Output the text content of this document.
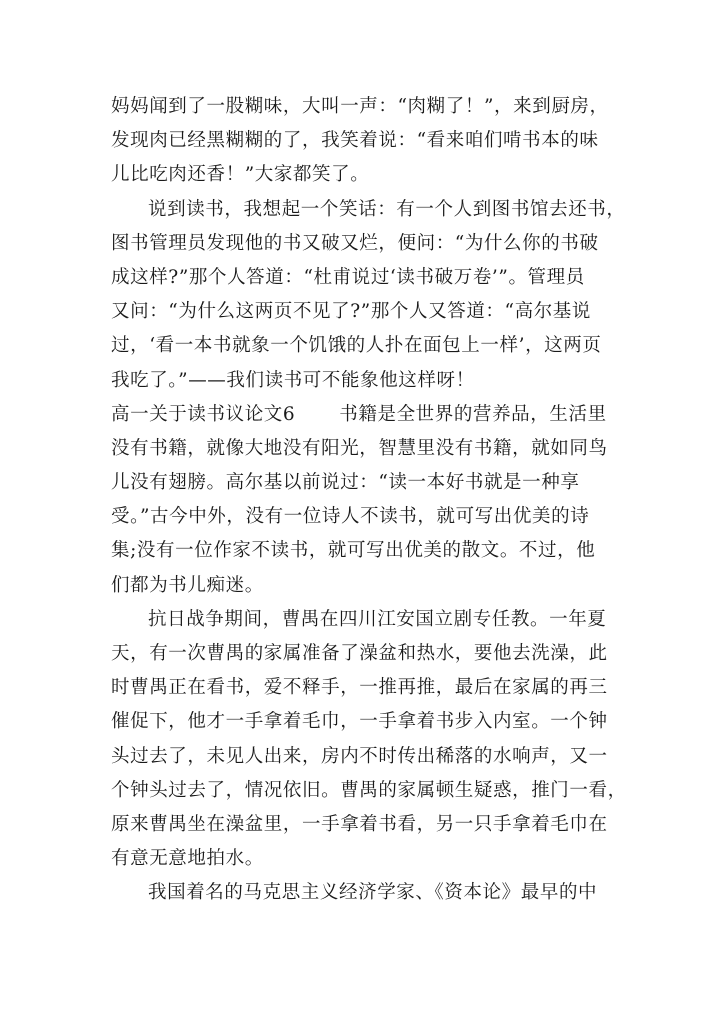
妈妈闻到了一股糊味，大叫一声：“肉糊了！”，来到厨房，
发现肉已经黑糊糊的了，我笑着说：“看来咱们啃书本的味
儿比吃肉还香！”大家都笑了。
说到读书，我想起一个笑话：有一个人到图书馆去还书，
图书管理员发现他的书又破又烂，便问：“为什么你的书破
成这样?”那个人答道：“杜甫说过‘读书破万卷’”。管理员
又问：“为什么这两页不见了?”那个人又答道：“高尔基说
过，‘看一本书就象一个饥饿的人扑在面包上一样’，这两页
我吃了。”——我们读书可不能象他这样呀！
高一关于读书议论文6 书籍是全世界的营养品，生活里
没有书籍，就像大地没有阳光，智慧里没有书籍，就如同鸟
儿没有翅膀。高尔基以前说过：“读一本好书就是一种享
受。”古今中外，没有一位诗人不读书，就可写出优美的诗
集;没有一位作家不读书，就可写出优美的散文。不过，他
们都为书儿痴迷。
抗日战争期间，曹禺在四川江安国立剧专任教。一年夏
天，有一次曹禺的家属准备了澡盆和热水，要他去洗澡，此
时曹禺正在看书，爱不释手，一推再推，最后在家属的再三
催促下，他才一手拿着毛巾，一手拿着书步入内室。一个钟
头过去了，未见人出来，房内不时传出稀落的水响声，又一
个钟头过去了，情况依旧。曹禺的家属顿生疑惑，推门一看，
原来曹禺坐在澡盆里，一手拿着书看，另一只手拿着毛巾在
有意无意地拍水。
我国着名的马克思主义经济学家、《资本论》最早的中
